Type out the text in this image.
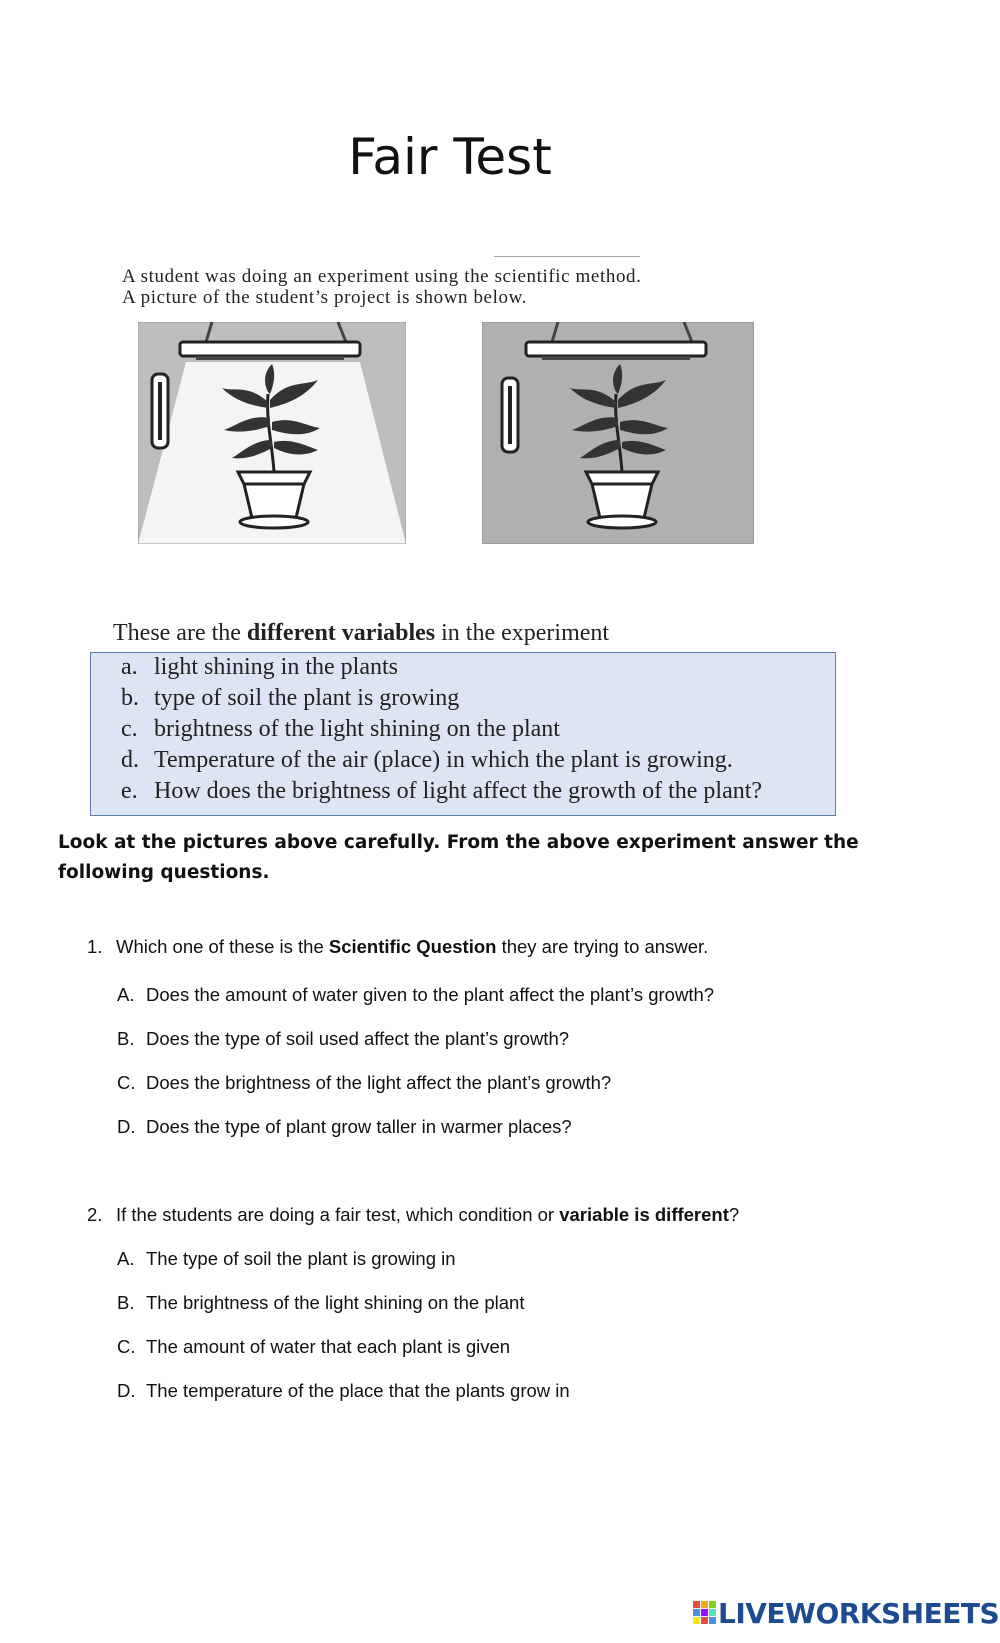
Fair Test
A student was doing an experiment using the scientific method.
A picture of the student’s project is shown below.
These are the different variables in the experiment
a. light shining in the plants
b. type of soil the plant is growing
c. brightness of the light shining on the plant
d. Temperature of the air (place) in which the plant is growing.
e. How does the brightness of light affect the growth of the plant?
Look at the pictures above carefully. From the above experiment answer the following questions.
1. Which one of these is the Scientific Question they are trying to answer.
A. Does the amount of water given to the plant affect the plant’s growth?
B. Does the type of soil used affect the plant’s growth?
C. Does the brightness of the light affect the plant’s growth?
D. Does the type of plant grow taller in warmer places?
2. If the students are doing a fair test, which condition or variable is different?
A. The type of soil the plant is growing in
B. The brightness of the light shining on the plant
C. The amount of water that each plant is given
D. The temperature of the place that the plants grow in
LIVEWORKSHEETS
